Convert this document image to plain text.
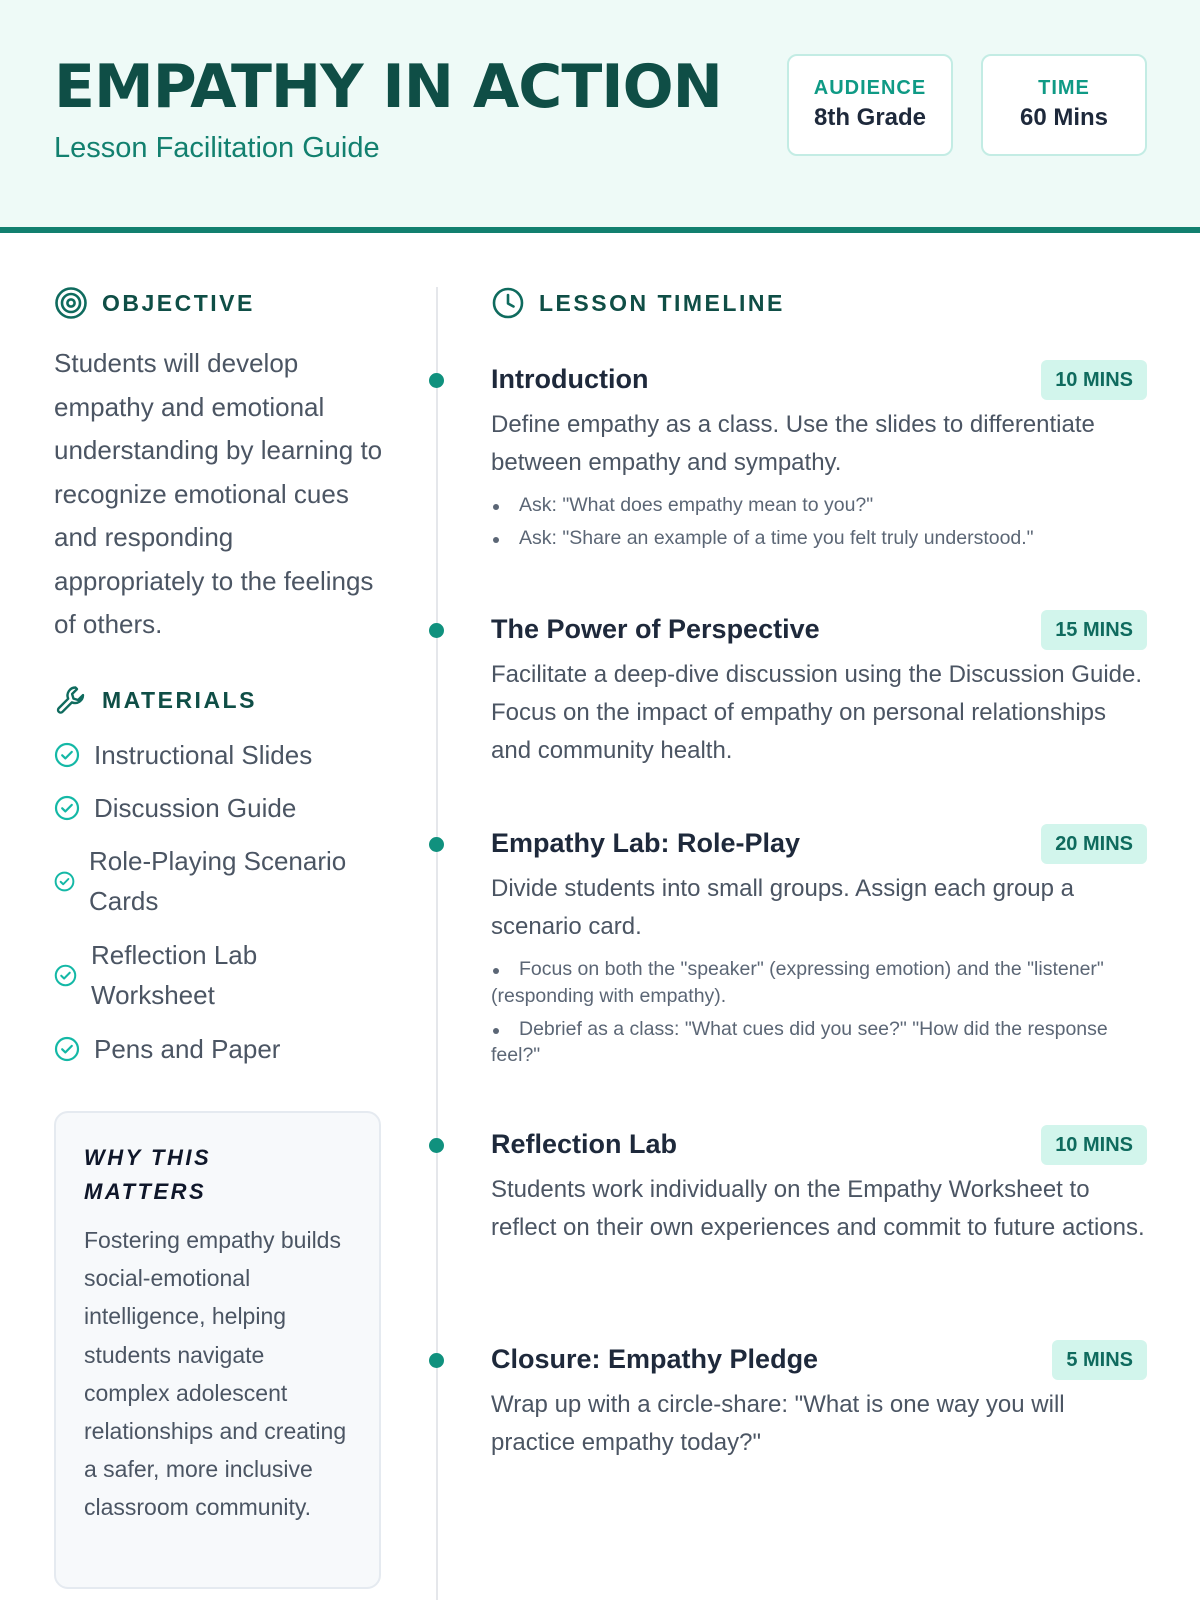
EMPATHY IN ACTION
Lesson Facilitation Guide
AUDIENCE
8th Grade
TIME
60 Mins
OBJECTIVE

Students will develop empathy and emotional understanding by learning to recognize emotional cues and responding appropriately to the feelings of others.

MATERIALS
Instructional Slides
Discussion Guide
Role-Playing Scenario Cards
Reflection Lab Worksheet
Pens and Paper
WHY THIS MATTERS

Fostering empathy builds social-emotional intelligence, helping students navigate complex adolescent relationships and creating a safer, more inclusive classroom community.

LESSON TIMELINE
Introduction	10 MINS

Define empathy as a class. Use the slides to differentiate between empathy and sympathy.

Ask: "What does empathy mean to you?"
Ask: "Share an example of a time you felt truly understood."
The Power of Perspective	15 MINS

Facilitate a deep-dive discussion using the Discussion Guide. Focus on the impact of empathy on personal relationships and community health.

Empathy Lab: Role-Play	20 MINS

Divide students into small groups. Assign each group a scenario card.

Focus on both the "speaker" (expressing emotion) and the "listener" (responding with empathy).
Debrief as a class: "What cues did you see?" "How did the response feel?"
Reflection Lab	10 MINS

Students work individually on the Empathy Worksheet to reflect on their own experiences and commit to future actions.

Closure: Empathy Pledge	5 MINS

Wrap up with a circle-share: "What is one way you will practice empathy today?"
